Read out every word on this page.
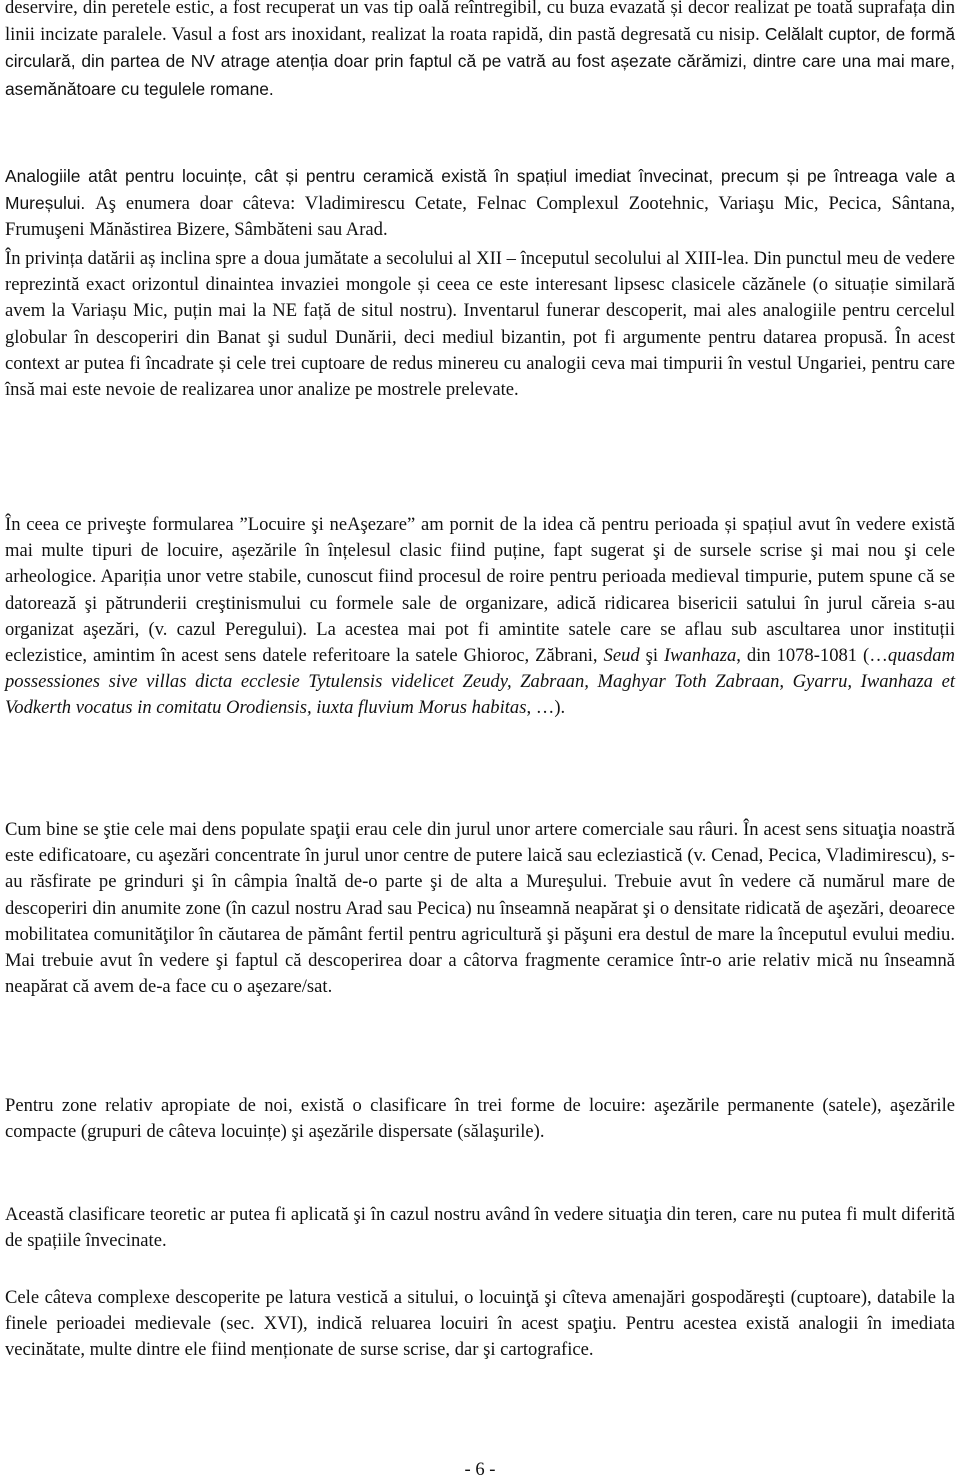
deservire, din peretele estic, a fost recuperat un vas tip oală reîntregibil, cu buza evazată și decor realizat pe toată suprafața din linii incizate paralele. Vasul a fost ars inoxidant, realizat la roata rapidă, din pastă degresată cu nisip. Celălalt cuptor, de formă circulară, din partea de NV atrage atenția doar prin faptul că pe vatră au fost așezate cărămizi, dintre care una mai mare, asemănătoare cu tegulele romane.

Analogiile atât pentru locuințe, cât și pentru ceramică există în spațiul imediat învecinat, precum și pe întreaga vale a Mureșului. Aş enumera doar câteva: Vladimirescu Cetate, Felnac Complexul Zootehnic, Variaşu Mic, Pecica, Sântana, Frumuşeni Mănăstirea Bizere, Sâmbăteni sau Arad.

În privința datării aș inclina spre a doua jumătate a secolului al XII – începutul secolului al XIII-lea. Din punctul meu de vedere reprezintă exact orizontul dinaintea invaziei mongole și ceea ce este interesant lipsesc clasicele căzănele (o situație similară avem la Variașu Mic, puțin mai la NE față de situl nostru). Inventarul funerar descoperit, mai ales analogiile pentru cercelul globular în descoperiri din Banat şi sudul Dunării, deci mediul bizantin, pot fi argumente pentru datarea propusă. În acest context ar putea fi încadrate și cele trei cuptoare de redus minereu cu analogii ceva mai timpurii în vestul Ungariei, pentru care însă mai este nevoie de realizarea unor analize pe mostrele prelevate.

În ceea ce priveşte formularea ”Locuire şi neAşezare” am pornit de la idea că pentru perioada și spațiul avut în vedere există mai multe tipuri de locuire, așezările în înțelesul clasic fiind puține, fapt sugerat şi de sursele scrise şi mai nou şi cele arheologice. Apariția unor vetre stabile, cunoscut fiind procesul de roire pentru perioada medieval timpurie, putem spune că se datorează şi pătrunderii creştinismului cu formele sale de organizare, adică ridicarea bisericii satului în jurul căreia s-au organizat aşezări, (v. cazul Peregului). La acestea mai pot fi amintite satele care se aflau sub ascultarea unor instituții eclezistice, amintim în acest sens datele referitoare la satele Ghioroc, Zăbrani, Seud şi Iwanhaza, din 1078-1081 (…quasdam possessiones sive villas dicta ecclesie Tytulensis videlicet Zeudy, Zabraan, Maghyar Toth Zabraan, Gyarru, Iwanhaza et Vodkerth vocatus in comitatu Orodiensis, iuxta fluvium Morus habitas, …).

Cum bine se ştie cele mai dens populate spaţii erau cele din jurul unor artere comerciale sau râuri. În acest sens situaţia noastră este edificatoare, cu aşezări concentrate în jurul unor centre de putere laică sau ecleziastică (v. Cenad, Pecica, Vladimirescu), s-au răsfirate pe grinduri şi în câmpia înaltă de-o parte şi de alta a Mureşului. Trebuie avut în vedere că numărul mare de descoperiri din anumite zone (în cazul nostru Arad sau Pecica) nu înseamnă neapărat şi o densitate ridicată de aşezări, deoarece mobilitatea comunităţilor în căutarea de pământ fertil pentru agricultură şi păşuni era destul de mare la începutul evului mediu. Mai trebuie avut în vedere şi faptul că descoperirea doar a câtorva fragmente ceramice într-o arie relativ mică nu înseamnă neapărat că avem de-a face cu o aşezare/sat.

Pentru zone relativ apropiate de noi, există o clasificare în trei forme de locuire: aşezările permanente (satele), aşezările compacte (grupuri de câteva locuințe) şi aşezările dispersate (sălaşurile).

Această clasificare teoretic ar putea fi aplicată şi în cazul nostru având în vedere situaţia din teren, care nu putea fi mult diferită de spațiile învecinate.

Cele câteva complexe descoperite pe latura vestică a sitului, o locuinţă şi cîteva amenajări gospodăreşti (cuptoare), databile la finele perioadei medievale (sec. XVI), indică reluarea locuiri în acest spaţiu. Pentru acestea există analogii în imediata vecinătate, multe dintre ele fiind menționate de surse scrise, dar şi cartografice.

- 6 -
